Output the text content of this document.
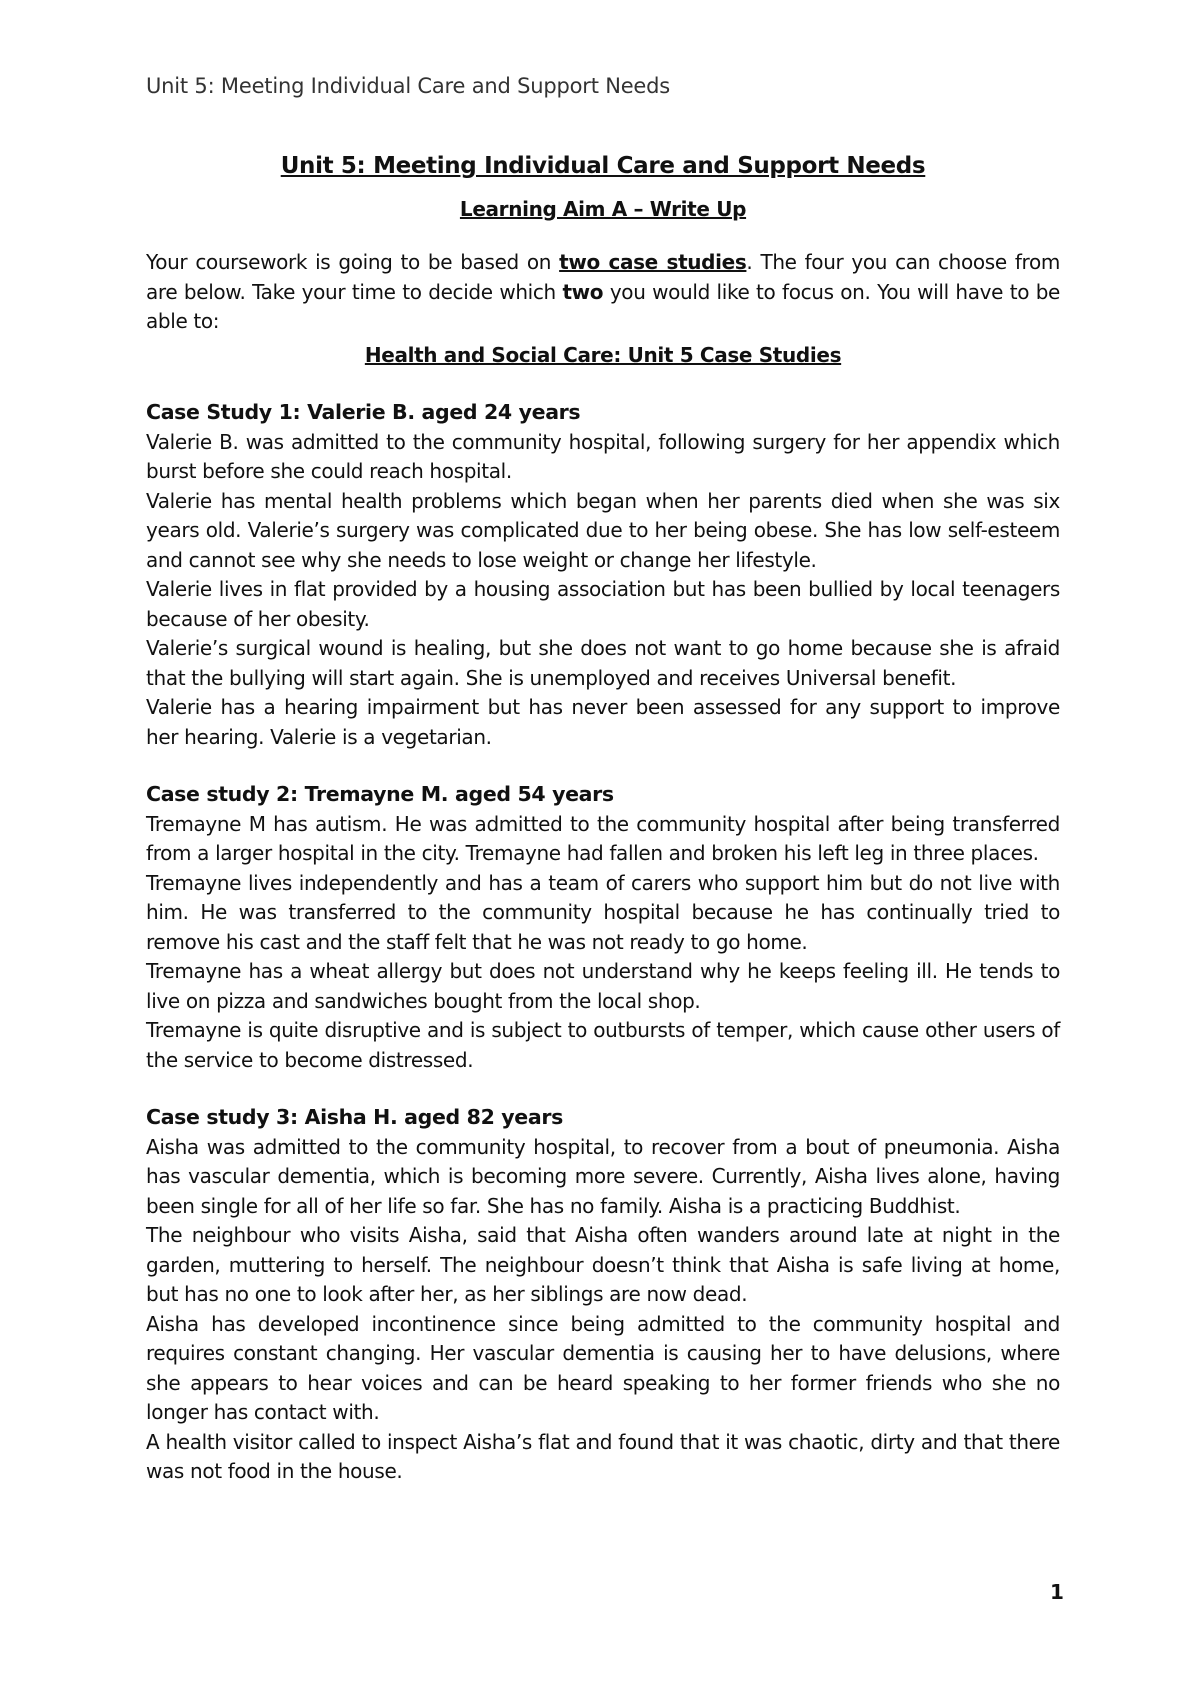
Unit 5: Meeting Individual Care and Support Needs
Unit 5: Meeting Individual Care and Support Needs
Learning Aim A – Write Up

Your coursework is going to be based on two case studies. The four you can choose from are below. Take your time to decide which two you would like to focus on. You will have to be able to:

Health and Social Care: Unit 5 Case Studies

Case Study 1: Valerie B. aged 24 years

Valerie B. was admitted to the community hospital, following surgery for her appendix which burst before she could reach hospital.

Valerie has mental health problems which began when her parents died when she was six years old. Valerie’s surgery was complicated due to her being obese. She has low self-esteem and cannot see why she needs to lose weight or change her lifestyle.

Valerie lives in flat provided by a housing association but has been bullied by local teenagers because of her obesity.

Valerie’s surgical wound is healing, but she does not want to go home because she is afraid that the bullying will start again. She is unemployed and receives Universal benefit.

Valerie has a hearing impairment but has never been assessed for any support to improve her hearing. Valerie is a vegetarian.

Case study 2: Tremayne M. aged 54 years

Tremayne M has autism. He was admitted to the community hospital after being transferred from a larger hospital in the city. Tremayne had fallen and broken his left leg in three places.

Tremayne lives independently and has a team of carers who support him but do not live with him. He was transferred to the community hospital because he has continually tried to remove his cast and the staff felt that he was not ready to go home.

Tremayne has a wheat allergy but does not understand why he keeps feeling ill. He tends to live on pizza and sandwiches bought from the local shop.

Tremayne is quite disruptive and is subject to outbursts of temper, which cause other users of the service to become distressed.

Case study 3: Aisha H. aged 82 years

Aisha was admitted to the community hospital, to recover from a bout of pneumonia. Aisha has vascular dementia, which is becoming more severe. Currently, Aisha lives alone, having been single for all of her life so far. She has no family. Aisha is a practicing Buddhist.

The neighbour who visits Aisha, said that Aisha often wanders around late at night in the garden, muttering to herself. The neighbour doesn’t think that Aisha is safe living at home, but has no one to look after her, as her siblings are now dead.

Aisha has developed incontinence since being admitted to the community hospital and requires constant changing. Her vascular dementia is causing her to have delusions, where she appears to hear voices and can be heard speaking to her former friends who she no longer has contact with.

A health visitor called to inspect Aisha’s flat and found that it was chaotic, dirty and that there was not food in the house.

1
